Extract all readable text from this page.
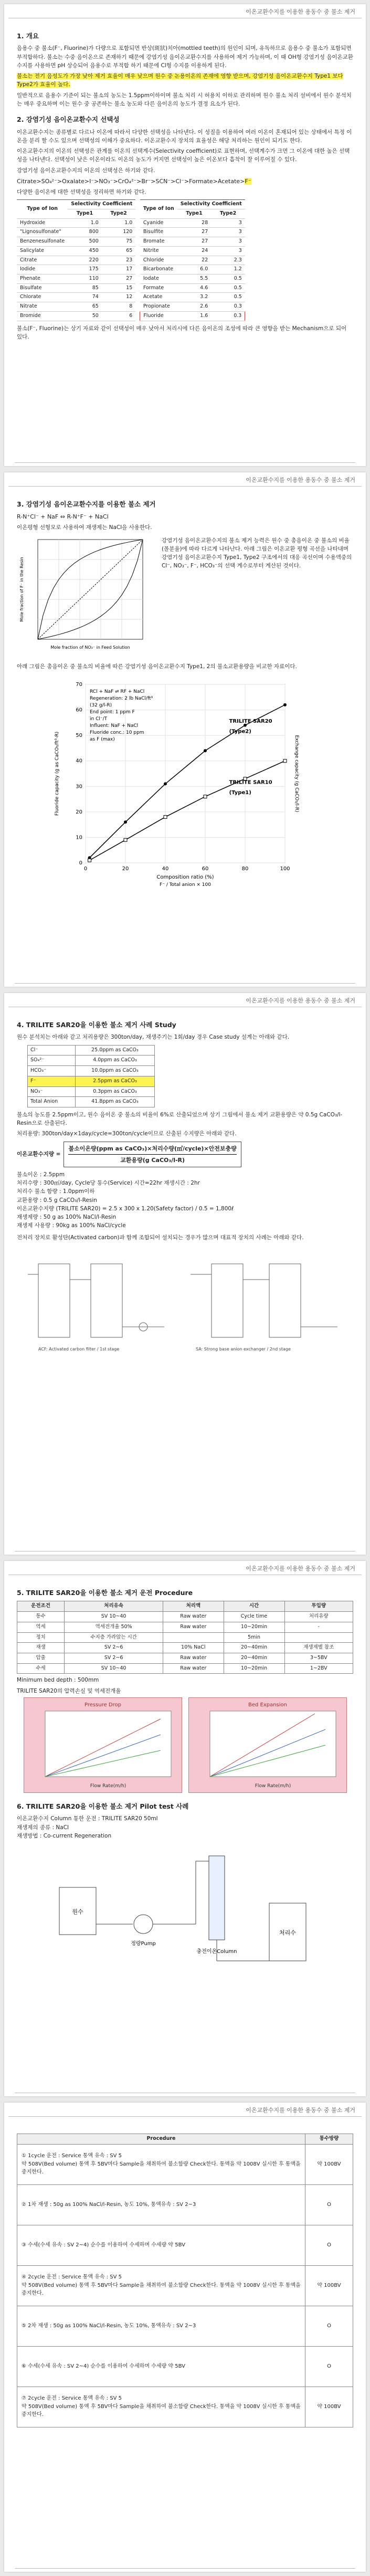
이온교환수지를 이용한 용동수 중 불소 제거
1. 개요

음용수 중 불소(F⁻, Fluorine)가 다량으로 포함되면 반상(斑狀)치아(mottled teeth)의 원인이 되며, 유독하므로 음용수 중 불소가 포함되면 부적합하다. 불소는 수중 음이온으로 존재하기 때문에 강염기성 음이온교환수지를 사용하여 제거 가능하며, 이 때 OH형 강염기성 음이온교환수지를 사용하면 pH 상승되어 음용수로 부적합 하기 때문에 Cl형 수지를 이용하게 된다.

불소는 전기 음성도가 가장 낮아 제거 효율이 매우 낮으며 원수 중 논용이온의 존재에 영향 받으며, 강염기성 음이온교환수지 Type1 보다 Type2가 효율이 높다.

일반적으로 음용수 기준이 되는 불소의 농도는 1.5ppm이하이며 불소 처리 시 허용치 이하로 관리하며 원수 불소 처리 설비에서 원수 분석치는 매우 중요하며 이는 원수 중 공존하는 불소 농도와 다른 음이온의 농도가 결정 요소가 된다.

2. 강염기성 음이온교환수지 선택성

이온교환수지는 종류별로 다르나 이온에 따라서 다양한 선택성을 나타낸다. 이 성질을 이용하여 여러 이온이 혼재되어 있는 상태에서 특정 이온을 분리 할 수도 있으며 선택성의 이해가 중요하다. 이온교환수지 장치의 효율성은 해당 처리하는 원인이 되기도 한다.

이온교환수지의 이온의 선택성은 관계를 이온의 선택계수(Selectivity coefficient)로 표현하며, 선택계수가 크면 그 이온에 대한 높은 선택성을 나타낸다. 선택성이 낮은 이온이라도 이온의 농도가 커지면 선택성이 높은 이온보다 흡착이 잘 이루어질 수 있다.

강염기성 음이온교환수지의 이온의 선택성은 하기와 같다.

Citrate>SO₄²⁻>Oxalate>I⁻>NO₃⁻>CrO₄²⁻>Br⁻>SCN⁻>Cl⁻>Formate>Acetate>F⁻

다양한 음이온에 대한 선택성을 정리하면 하기와 같다.

Type of Ion	Selectivity Coefficient	
	Type1	Type2
Hydroxide	1.0	1.0
"Lignosulfonate"	800	120
Benzenesulfonate	500	75
Salicylate	450	65
Citrate	220	23
Iodide	175	17
Phenate	110	27
Bisulfate	85	15
Chlorate	74	12
Nitrate	65	8
Bromide	50	6
Type of Ion	Selectivity Coefficient	
	Type1	Type2
Cyanide	28	3
Bisulfite	27	3
Bromate	27	3
Nitrite	24	3
Chloride	22	2.3
Bicarbonate	6.0	1.2
Iodate	5.5	0.5
Formate	4.6	0.5
Acetate	3.2	0.5
Propionate	2.6	0.3
Fluoride	1.6	0.3

불소(F⁻, Fluorine)는 상기 자료와 같이 선택성이 매우 낮아서 처리시에 다른 음이온의 조성에 따라 큰 영향을 받는 Mechanism으로 되어 있다.

이온교환수지를 이용한 용동수 중 불소 제거
3. 강염기성 음이온교환수지를 이용한 불소 제거

R-N⁺Cl⁻ + NaF ⇔ R-N⁺F⁻ + NaCl

이온평형 선형모로 사용하여 재생제는 NaCl을 사용한다.

Mole fraction of NO₃⁻ in Feed Solution
Mole fraction of F⁻ in the Resin

강염기성 음이온교환수지의 불소 제거 능력은 원수 중 총음이온 중 불소의 비율(몰분율)에 따라 다르게 나타난다. 아래 그림은 이온교환 평형 곡선을 나타내며 강염기성 음이온교환수지 Type1, Type2 구조에서의 대응 곡선이며 수용액중의 Cl⁻, NO₃⁻, F⁻, HCO₃⁻의 선택 계수로부터 계산된 것이다.

아래 그림은 총음이온 중 불소의 비율에 따른 강염기성 음이온교환수지 Type1, 2의 불소교환용량을 비교한 자료이다.

0	20	40	60	80	100
0
10
20
30
40
50
60
70
TRILITE SAR20
(Type2)
TRILITE SAR10
(Type1)
RCl + NaF ⇌ RF + NaCl
Regeneration: 2 lb NaCl/ft³
(32 g/l-R)
End point: 1 ppm F
in Cl⁻/T
Influent: NaF + NaCl
Fluoride conc.: 10 ppm
as F (max)
Composition ratio (%)
F⁻ / Total anion × 100
Fluoride capacity (g as CaCO₃/ft³-R)	Exchange capacity (g CaCO₃/l-R)
이온교환수지를 이용한 용동수 중 불소 제거
4. TRILITE SAR20을 이용한 불소 제거 사례 Study

원수 분석치는 아래와 같고 처리용량은 300ton/day, 재생주기는 1회/day 경우 Case study 설계는 아래와 같다.

Cl⁻	25.0ppm as CaCO₃
SO₄²⁻	4.0ppm as CaCO₃
HCO₃⁻	10.0ppm as CaCO₃
F⁻	2.5ppm as CaCO₃
NO₃⁻	0.3ppm as CaCO₃
Total Anion	41.8ppm as CaCO₃

불소의 농도를 2.5ppm이고, 원수 음이온 중 불소의 비율이 6%로 산출되었으며 상기 그림에서 불소 제거 교환용량은 약 0.5g CaCO₃/l-Resin으로 산출된다.

처리용량: 300ton/day×1day/cycle=300ton/cycle이므로 산출된 수지량은 아래와 같다.

이온교환수지량 =
불소이온량(ppm as CaCO₃)×처리수량(㎥/cycle)×안전보충량
교환용량(g CaCO₃/l-R)
불소이온 : 2.5ppm
처리수량 : 300㎥/day, Cycle당 통수(Service) 시간=22hr 재생시간 : 2hr
처리수 불소 함량 : 1.0ppm이하
교환용량 : 0.5 g CaCO₃/l-Resin
이온교환수지량 (TRILITE SAR20) = 2.5 x 300 x 1.20(Safety factor) / 0.5 = 1,800ℓ
재생제량 : 50 g as 100% NaCl/l-Resin
재생제 사용량 : 90kg as 100% NaCl/cycle

전처리 장치로 활성탄(Activated carbon)과 함께 조합되어 설치되는 경우가 많으며 대표적 장치의 사례는 아래와 같다.

ACF: Activated carbon filter / 1st stage	SA: Strong base anion exchanger / 2nd stage
이온교환수지를 이용한 용동수 중 불소 제거
5. TRILITE SAR20을 이용한 불소 제거 운전 Procedure
운전조건	처리유속	처리액	시간	투입량
통수	SV 10~40	Raw water	Cycle time	처리유량
역세	역세전개율 50%	Raw water	10~20min	-
정치	수지층 가라앉는 시간		5min	
재생	SV 2~6	10% NaCl	20~40min	재생제별 참조
압출	SV 2~6	Raw water	20~40min	3~5BV
수세	SV 10~40	Raw water	10~20min	1~2BV

Minimum bed depth : 500mm

TRILITE SAR20의 압력손실 및 역세전개율

Pressure Drop
Flow Rate(m/h)
Bed Expansion
Flow Rate(m/h)
6. TRILITE SAR20을 이용한 불소 제거 Pilot test 사례
이온교환수지 Column 통한 운전 : TRILITE SAR20 50ml
재생제의 종류 : NaCl
재생방법 : Co-current Regeneration
원수
정량Pump
충전이온Column
처리수
이온교환수지를 이용한 용동수 중 불소 제거
Procedure	통수방량
① 1cycle 운전 : Service 통액 유속 : SV 5
약 508V(Bed volume) 통액 후 5BV마다 Sample을 채취하여 불소함량 Check한다. 통액을 약 1008V 실시한 후 통액을 중지한다.	약 100BV
② 1차 재생 : 50g as 100% NaCl/l-Resin, 농도 10%, 통액유속 : SV 2~3	O
③ 수세(수세 유속 : SV 2~4) 순수를 이용하여 수세하며 수세량 약 5BV	O
④ 2cycle 운전 : Service 통액 유속 : SV 5
약 508V(Bed volume) 통액 후 5BV마다 Sample을 채취하여 불소함량 Check한다. 통액을 약 1008V 실시한 후 통액을 중지한다.	약 100BV
⑤ 2차 재생 : 50g as 100% NaCl/l-Resin, 농도 10%, 통액유속 : SV 2~3	O
⑥ 수세(수세 유속 : SV 2~4) 순수를 이용하여 수세하며 수세량 약 5BV	O
⑦ 2cycle 운전 : Service 통액 유속 : SV 5
약 508V(Bed volume) 통액 후 5BV마다 Sample을 채취하여 불소함량 Check한다. 통액을 약 1008V 실시한 후 통액을 중지한다.	약 100BV
